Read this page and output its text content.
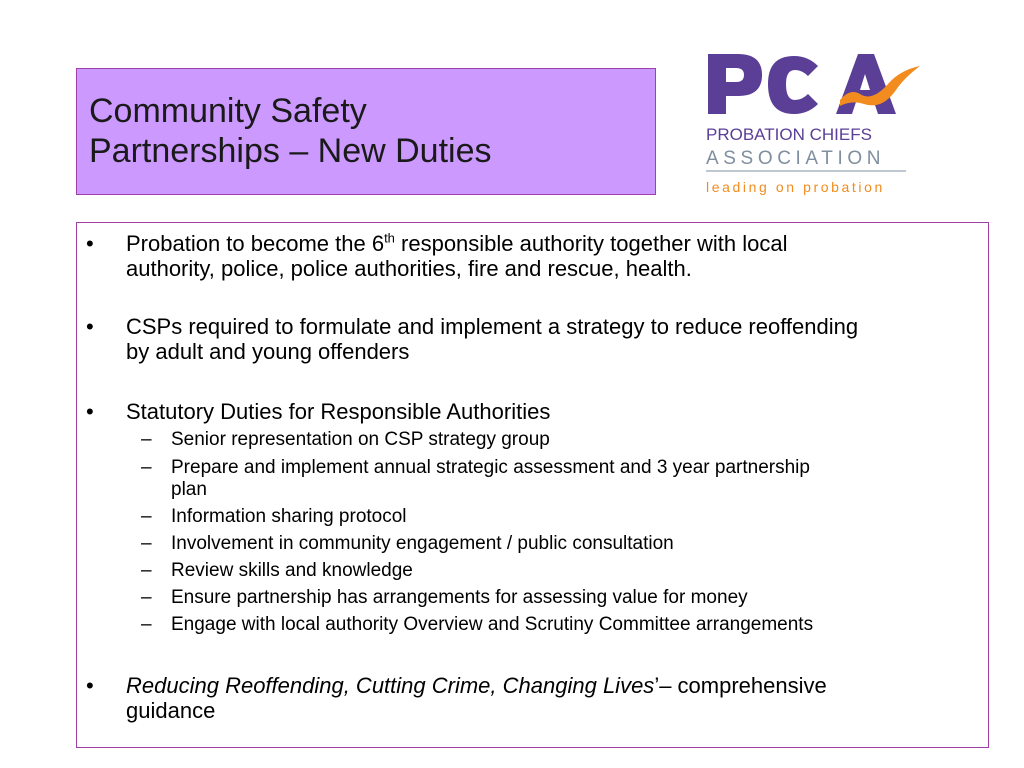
Community Safety
Partnerships – New Duties	PROBATION CHIEFS
ASSOCIATION
leading on probation
• Probation to become the 6th responsible authority together with local
authority, police, police authorities, fire and rescue, health.
• CSPs required to formulate and implement a strategy to reduce reoffending
by adult and young offenders
• Statutory Duties for Responsible Authorities
– Senior representation on CSP strategy group
– Prepare and implement annual strategic assessment and 3 year partnership
plan
– Information sharing protocol
– Involvement in community engagement / public consultation
– Review skills and knowledge
– Ensure partnership has arrangements for assessing value for money
– Engage with local authority Overview and Scrutiny Committee arrangements
• Reducing Reoffending, Cutting Crime, Changing Lives’– comprehensive
guidance
